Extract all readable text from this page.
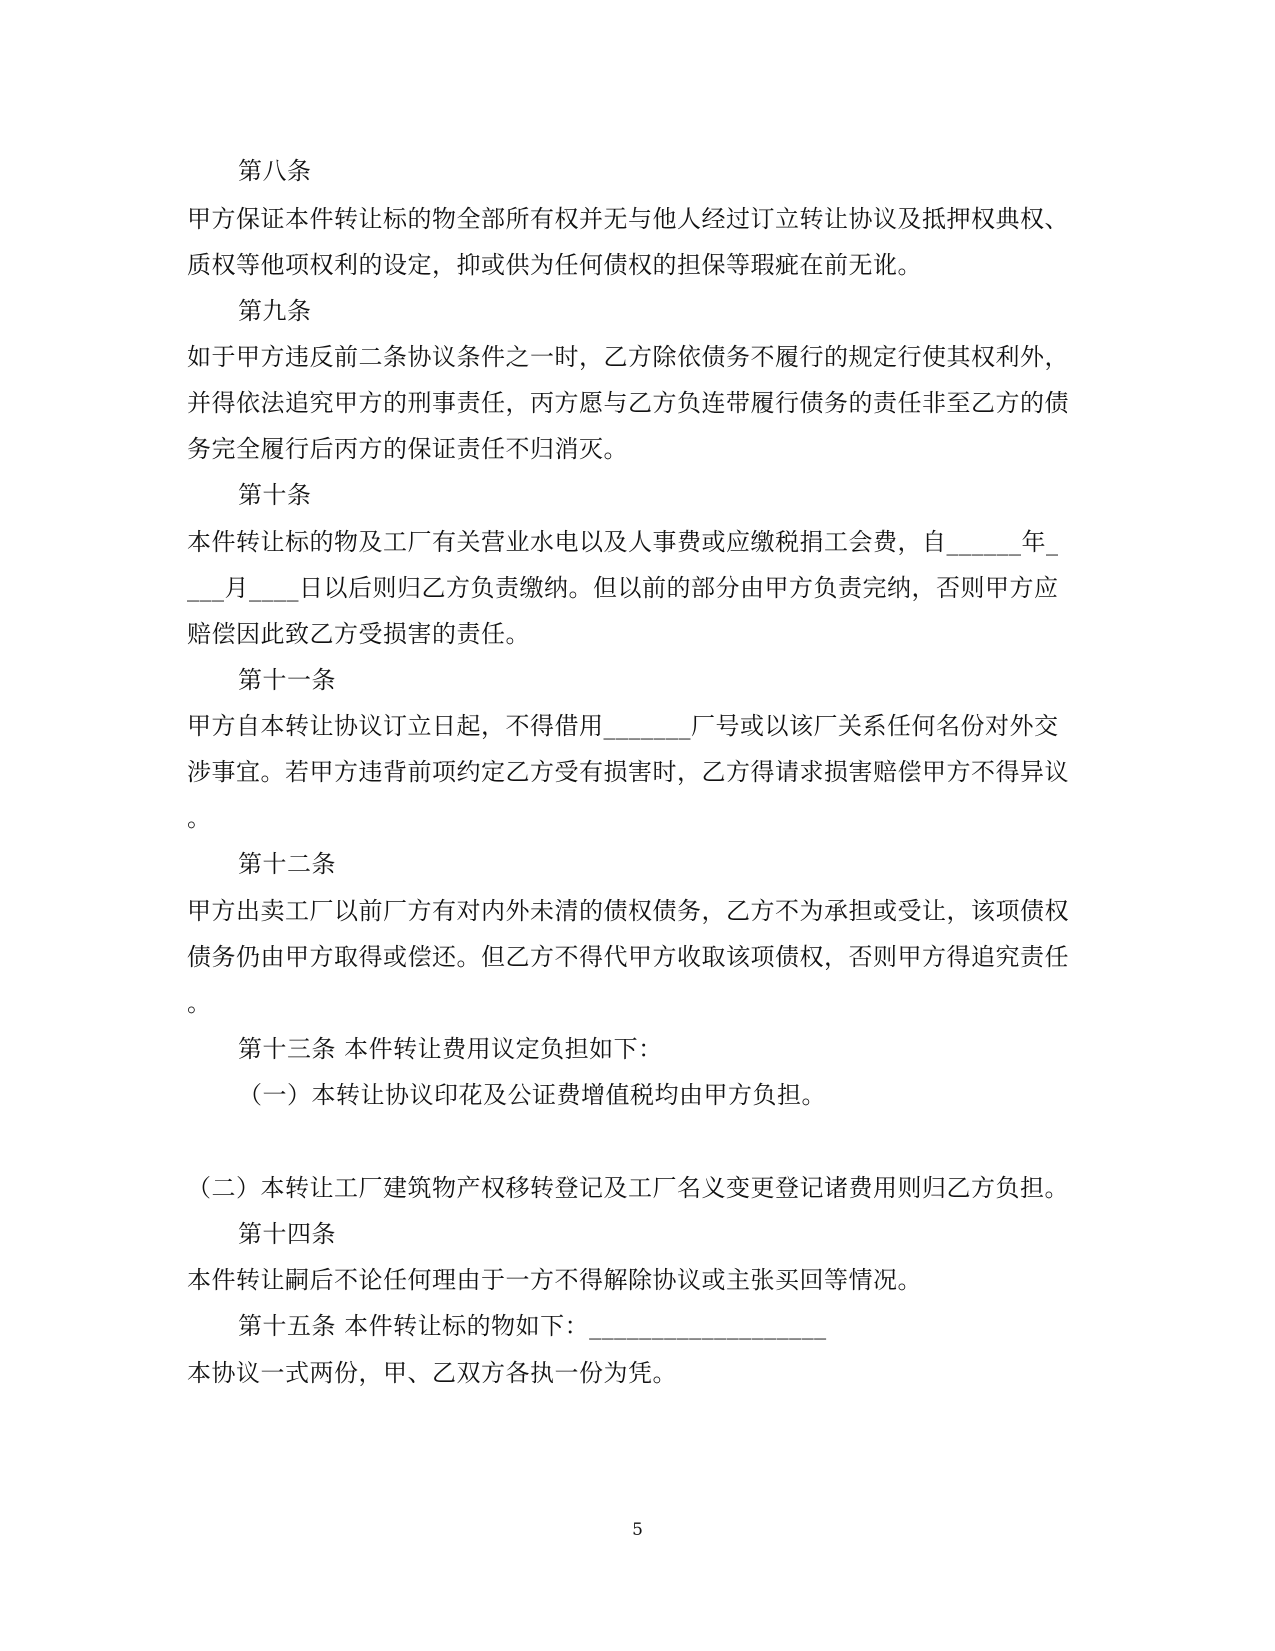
第八条
甲方保证本件转让标的物全部所有权并无与他人经过订立转让协议及抵押权典权、
质权等他项权利的设定，抑或供为任何债权的担保等瑕疵在前无讹。
第九条
如于甲方违反前二条协议条件之一时，乙方除依债务不履行的规定行使其权利外，
并得依法追究甲方的刑事责任，丙方愿与乙方负连带履行债务的责任非至乙方的债
务完全履行后丙方的保证责任不归消灭。
第十条
本件转让标的物及工厂有关营业水电以及人事费或应缴税捐工会费，自______年_
___月____日以后则归乙方负责缴纳。但以前的部分由甲方负责完纳，否则甲方应
赔偿因此致乙方受损害的责任。
第十一条
甲方自本转让协议订立日起，不得借用_______厂号或以该厂关系任何名份对外交
涉事宜。若甲方违背前项约定乙方受有损害时，乙方得请求损害赔偿甲方不得异议
。
第十二条
甲方出卖工厂以前厂方有对内外未清的债权债务，乙方不为承担或受让，该项债权
债务仍由甲方取得或偿还。但乙方不得代甲方收取该项债权，否则甲方得追究责任
。
第十三条 本件转让费用议定负担如下：
（一）本转让协议印花及公证费增值税均由甲方负担。
（二）本转让工厂建筑物产权移转登记及工厂名义变更登记诸费用则归乙方负担。
第十四条
本件转让嗣后不论任何理由于一方不得解除协议或主张买回等情况。
第十五条 本件转让标的物如下：___________________
本协议一式两份，甲、乙双方各执一份为凭。
5
